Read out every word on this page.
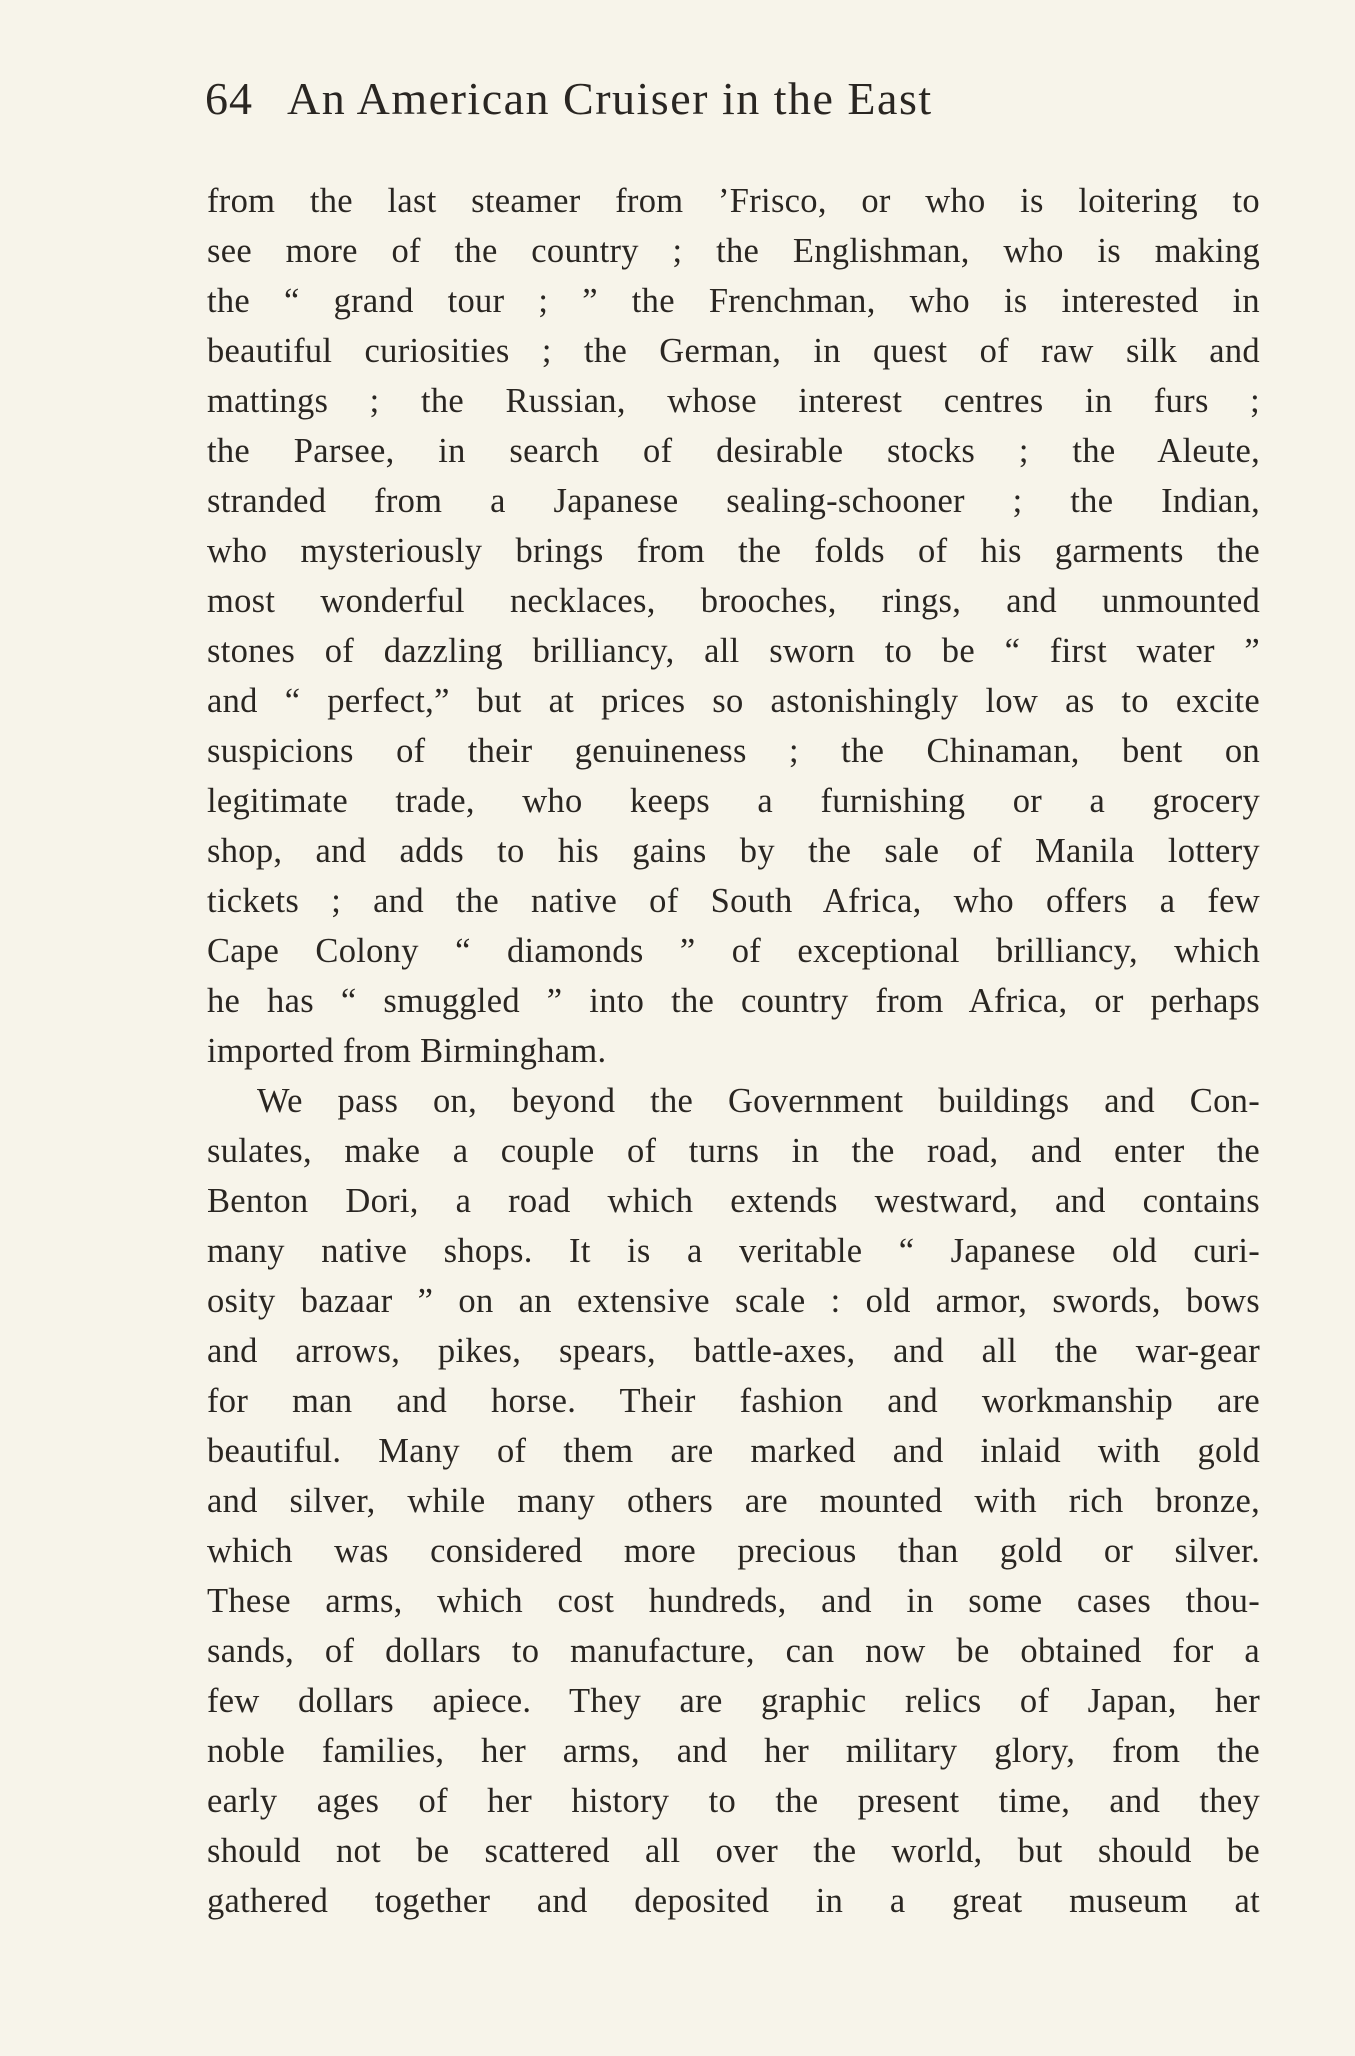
64 An American Cruiser in the East
from the last steamer from ’Frisco, or who is loitering to
see more of the country ; the Englishman, who is making
the “ grand tour ; ” the Frenchman, who is interested in
beautiful curiosities ; the German, in quest of raw silk and
mattings ; the Russian, whose interest centres in furs ;
the Parsee, in search of desirable stocks ; the Aleute,
stranded from a Japanese sealing-schooner ; the Indian,
who mysteriously brings from the folds of his garments the
most wonderful necklaces, brooches, rings, and unmounted
stones of dazzling brilliancy, all sworn to be “ first water ”
and “ perfect,” but at prices so astonishingly low as to excite
suspicions of their genuineness ; the Chinaman, bent on
legitimate trade, who keeps a furnishing or a grocery
shop, and adds to his gains by the sale of Manila lottery
tickets ; and the native of South Africa, who offers a few
Cape Colony “ diamonds ” of exceptional brilliancy, which
he has “ smuggled ” into the country from Africa, or perhaps
imported from Birmingham.
We pass on, beyond the Government buildings and Con-
sulates, make a couple of turns in the road, and enter the
Benton Dori, a road which extends westward, and contains
many native shops. It is a veritable “ Japanese old curi-
osity bazaar ” on an extensive scale : old armor, swords, bows
and arrows, pikes, spears, battle-axes, and all the war-gear
for man and horse. Their fashion and workmanship are
beautiful. Many of them are marked and inlaid with gold
and silver, while many others are mounted with rich bronze,
which was considered more precious than gold or silver.
These arms, which cost hundreds, and in some cases thou-
sands, of dollars to manufacture, can now be obtained for a
few dollars apiece. They are graphic relics of Japan, her
noble families, her arms, and her military glory, from the
early ages of her history to the present time, and they
should not be scattered all over the world, but should be
gathered together and deposited in a great museum at
